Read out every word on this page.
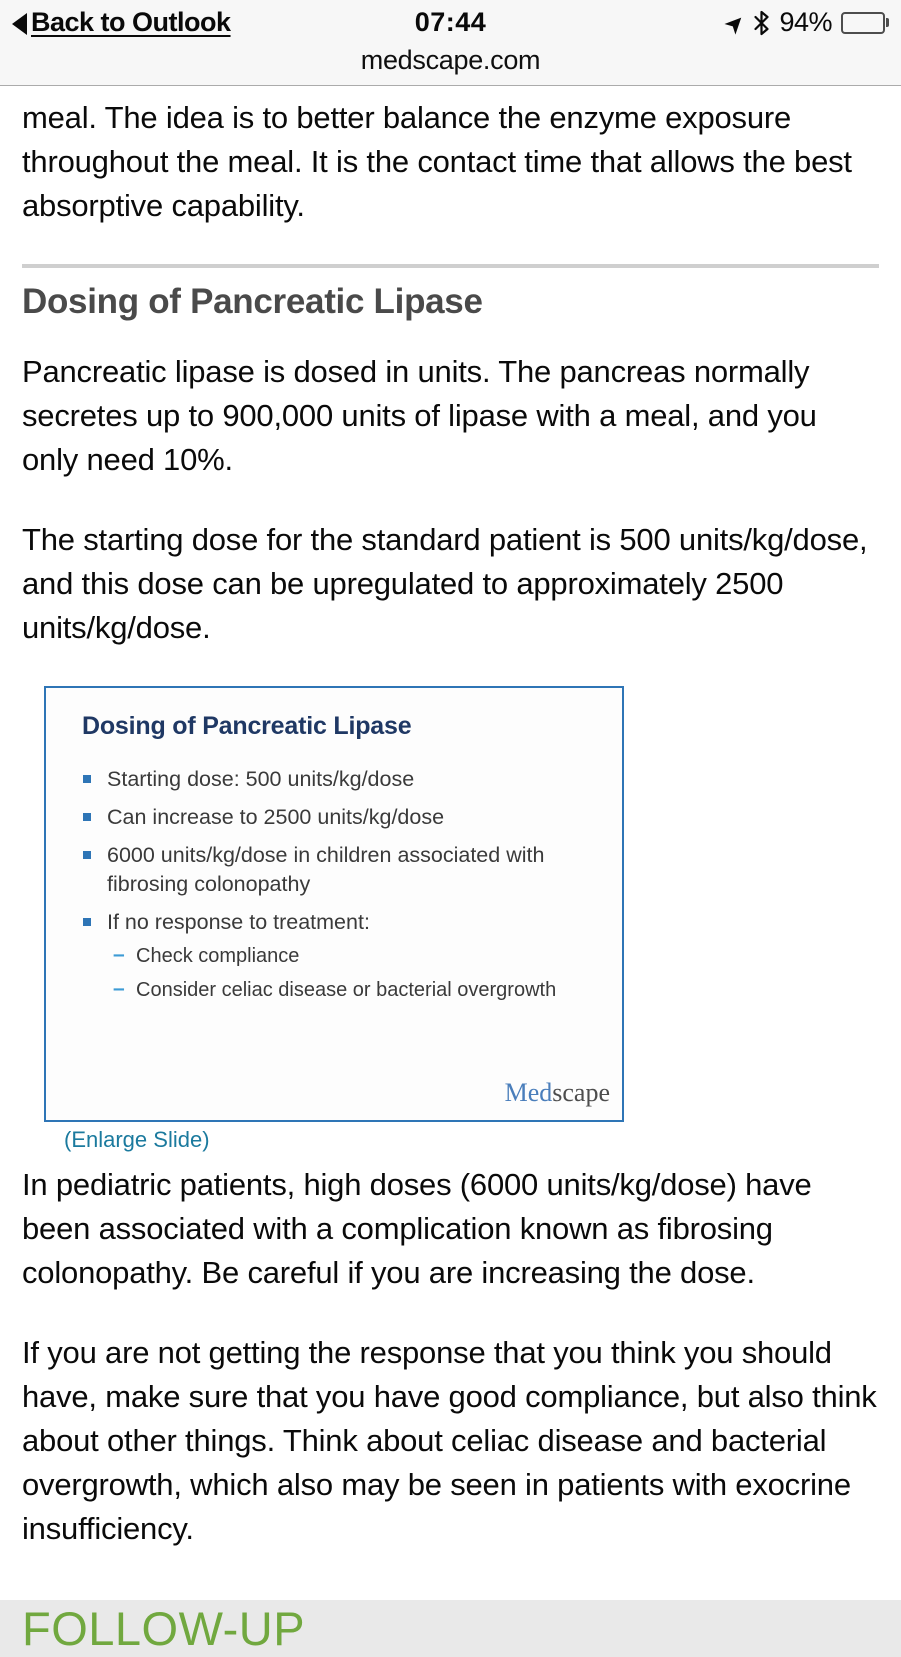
Back to Outlook	07:44	➤ 94%
medscape.com

meal. The idea is to better balance the enzyme exposure throughout the meal. It is the contact time that allows the best absorptive capability.

Dosing of Pancreatic Lipase

Pancreatic lipase is dosed in units. The pancreas normally secretes up to 900,000 units of lipase with a meal, and you only need 10%.

The starting dose for the standard patient is 500 units/kg/dose, and this dose can be upregulated to approximately 2500 units/kg/dose.

Dosing of Pancreatic Lipase
Starting dose: 500 units/kg/dose
Can increase to 2500 units/kg/dose
6000 units/kg/dose in children associated with fibrosing colonopathy
If no response to treatment:
– Check compliance
– Consider celiac disease or bacterial overgrowth
Medscape
(Enlarge Slide)

In pediatric patients, high doses (6000 units/kg/dose) have been associated with a complication known as fibrosing colonopathy. Be careful if you are increasing the dose.

If you are not getting the response that you think you should have, make sure that you have good compliance, but also think about other things. Think about celiac disease and bacterial overgrowth, which also may be seen in patients with exocrine insufficiency.

FOLLOW-UP
